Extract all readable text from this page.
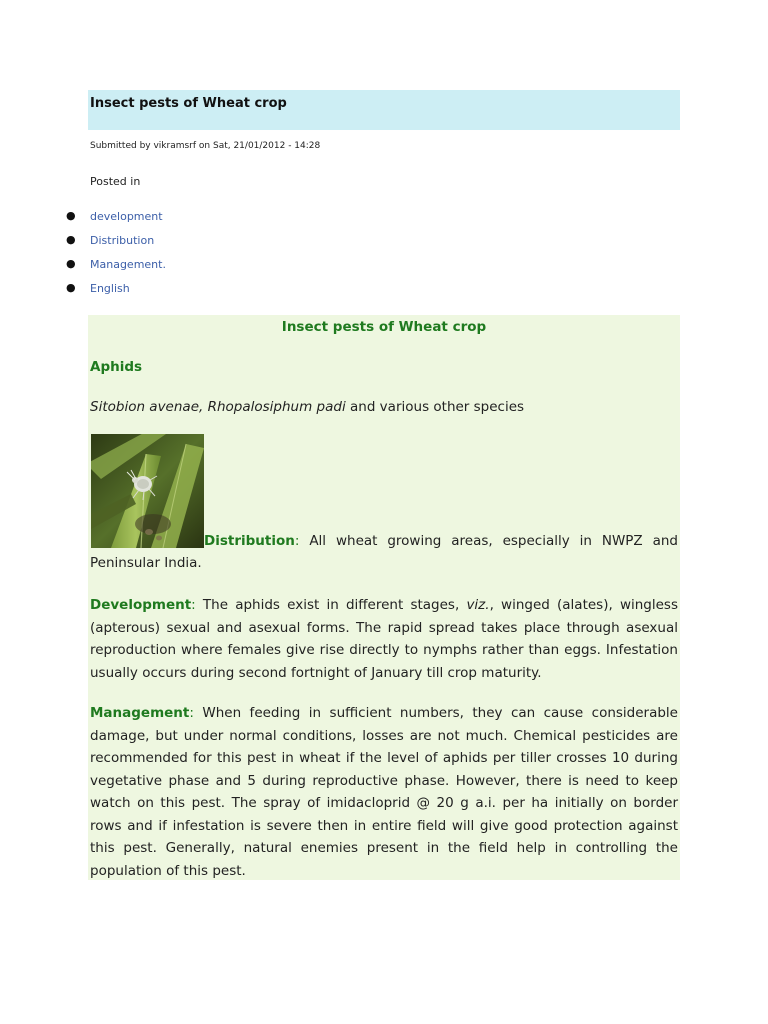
Insect pests of Wheat crop
Submitted by vikramsrf on Sat, 21/01/2012 - 14:28
Posted in
● development
● Distribution
● Management.
● English
Insect pests of Wheat crop
Aphids
Sitobion avenae, Rhopalosiphum padi and various other species

Distribution: All wheat growing areas, especially in NWPZ and

Peninsular India.

Development: The aphids exist in different stages, viz., winged (alates), wingless (apterous) sexual and asexual forms. The rapid spread takes place through asexual reproduction where females give rise directly to nymphs rather than eggs. Infestation usually occurs during second fortnight of January till crop maturity.

Management: When feeding in sufficient numbers, they can cause considerable damage, but under normal conditions, losses are not much. Chemical pesticides are recommended for this pest in wheat if the level of aphids per tiller crosses 10 during vegetative phase and 5 during reproductive phase. However, there is need to keep watch on this pest. The spray of imidacloprid @ 20 g a.i. per ha initially on border rows and if infestation is severe then in entire field will give good protection against this pest. Generally, natural enemies present in the field help in controlling the population of this pest.
